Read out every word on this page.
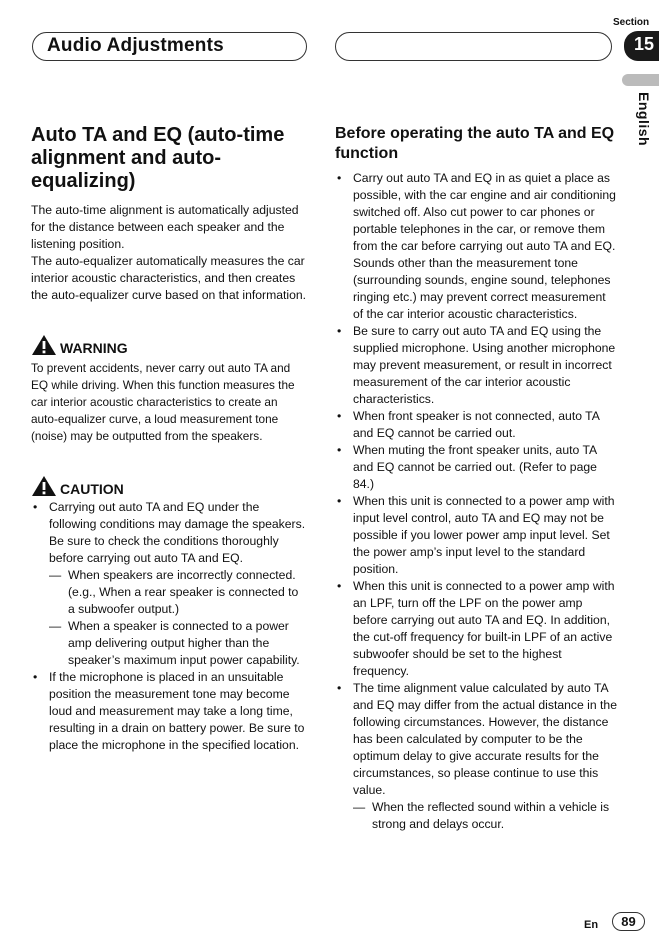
Audio Adjustments
Section
15
English
Auto TA and EQ (auto-time alignment and auto-equalizing)

The auto-time alignment is automatically adjusted for the distance between each speaker and the listening position.

The auto-equalizer automatically measures the car interior acoustic characteristics, and then creates the auto-equalizer curve based on that information.

WARNING

To prevent accidents, never carry out auto TA and EQ while driving. When this function measures the car interior acoustic characteristics to create an auto-equalizer curve, a loud measurement tone (noise) may be outputted from the speakers.

CAUTION
• Carrying out auto TA and EQ under the following conditions may damage the speakers. Be sure to check the conditions thoroughly before carrying out auto TA and EQ.
— When speakers are incorrectly connected. (e.g., When a rear speaker is connected to a subwoofer output.)
— When a speaker is connected to a power amp delivering output higher than the speaker’s maximum input power capability.
• If the microphone is placed in an unsuitable position the measurement tone may become loud and measurement may take a long time, resulting in a drain on battery power. Be sure to place the microphone in the specified location.
Before operating the auto TA and EQ function
• Carry out auto TA and EQ in as quiet a place as possible, with the car engine and air conditioning switched off. Also cut power to car phones or portable telephones in the car, or remove them from the car before carrying out auto TA and EQ. Sounds other than the measurement tone (surrounding sounds, engine sound, telephones ringing etc.) may prevent correct measurement of the car interior acoustic characteristics.
• Be sure to carry out auto TA and EQ using the supplied microphone. Using another microphone may prevent measurement, or result in incorrect measurement of the car interior acoustic characteristics.
• When front speaker is not connected, auto TA and EQ cannot be carried out.
• When muting the front speaker units, auto TA and EQ cannot be carried out. (Refer to page 84.)
• When this unit is connected to a power amp with input level control, auto TA and EQ may not be possible if you lower power amp input level. Set the power amp’s input level to the standard position.
• When this unit is connected to a power amp with an LPF, turn off the LPF on the power amp before carrying out auto TA and EQ. In addition, the cut-off frequency for built-in LPF of an active subwoofer should be set to the highest frequency.
• The time alignment value calculated by auto TA and EQ may differ from the actual distance in the following circumstances. However, the distance has been calculated by computer to be the optimum delay to give accurate results for the circumstances, so please continue to use this value.
— When the reflected sound within a vehicle is strong and delays occur.
En	89
